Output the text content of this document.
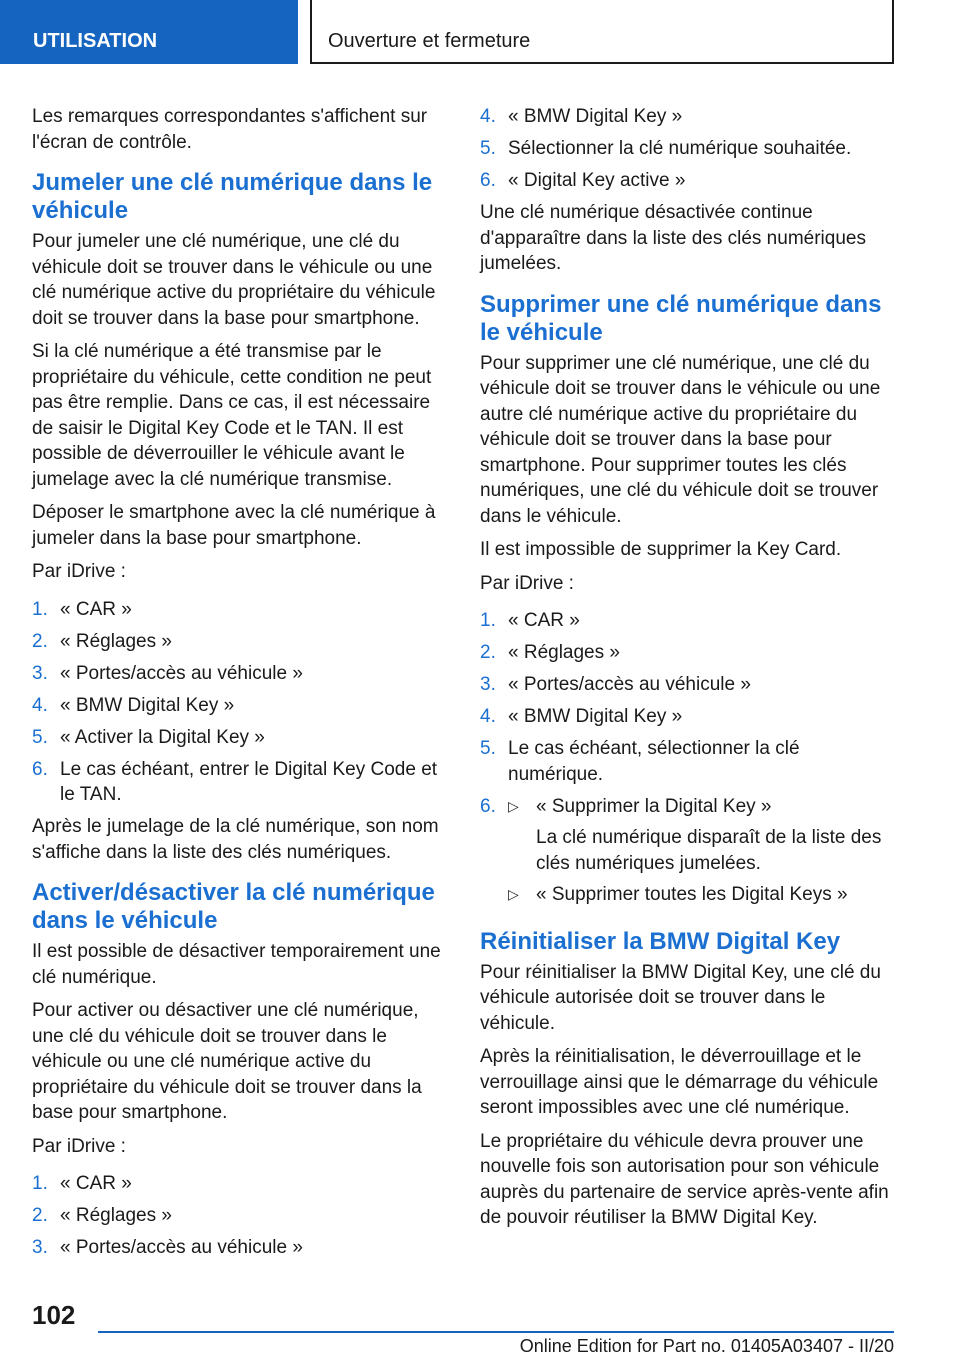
UTILISATION	Ouverture et fermeture

Les remarques correspondantes s'affichent sur l'écran de contrôle.

Jumeler une clé numérique dans le véhicule

Pour jumeler une clé numérique, une clé du véhicule doit se trouver dans le véhicule ou une clé numérique active du propriétaire du véhicule doit se trouver dans la base pour smartphone.

Si la clé numérique a été transmise par le propriétaire du véhicule, cette condition ne peut pas être remplie. Dans ce cas, il est nécessaire de saisir le Digital Key Code et le TAN. Il est possible de déverrouiller le véhicule avant le jumelage avec la clé numérique transmise.

Déposer le smartphone avec la clé numérique à jumeler dans la base pour smartphone.

Par iDrive :

1. « CAR »
2. « Réglages »
3. « Portes/accès au véhicule »
4. « BMW Digital Key »
5. « Activer la Digital Key »
6. Le cas échéant, entrer le Digital Key Code et le TAN.

Après le jumelage de la clé numérique, son nom s'affiche dans la liste des clés numériques.

Activer/désactiver la clé numérique dans le véhicule

Il est possible de désactiver temporairement une clé numérique.

Pour activer ou désactiver une clé numérique, une clé du véhicule doit se trouver dans le véhicule ou une clé numérique active du propriétaire du véhicule doit se trouver dans la base pour smartphone.

Par iDrive :

1. « CAR »
2. « Réglages »
3. « Portes/accès au véhicule »
4. « BMW Digital Key »
5. Sélectionner la clé numérique souhaitée.
6. « Digital Key active »

Une clé numérique désactivée continue d'apparaître dans la liste des clés numériques jumelées.

Supprimer une clé numérique dans le véhicule

Pour supprimer une clé numérique, une clé du véhicule doit se trouver dans le véhicule ou une autre clé numérique active du propriétaire du véhicule doit se trouver dans la base pour smartphone. Pour supprimer toutes les clés numériques, une clé du véhicule doit se trouver dans le véhicule.

Il est impossible de supprimer la Key Card.

Par iDrive :

1. « CAR »
2. « Réglages »
3. « Portes/accès au véhicule »
4. « BMW Digital Key »
5. Le cas échéant, sélectionner la clé numérique.
6. ▷ « Supprimer la Digital Key »

La clé numérique disparaît de la liste des clés numériques jumelées.

▷ « Supprimer toutes les Digital Keys »
Réinitialiser la BMW Digital Key

Pour réinitialiser la BMW Digital Key, une clé du véhicule autorisée doit se trouver dans le véhicule.

Après la réinitialisation, le déverrouillage et le verrouillage ainsi que le démarrage du véhicule seront impossibles avec une clé numérique.

Le propriétaire du véhicule devra prouver une nouvelle fois son autorisation pour son véhicule auprès du partenaire de service après-vente afin de pouvoir réutiliser la BMW Digital Key.

102
Online Edition for Part no. 01405A03407 - II/20
